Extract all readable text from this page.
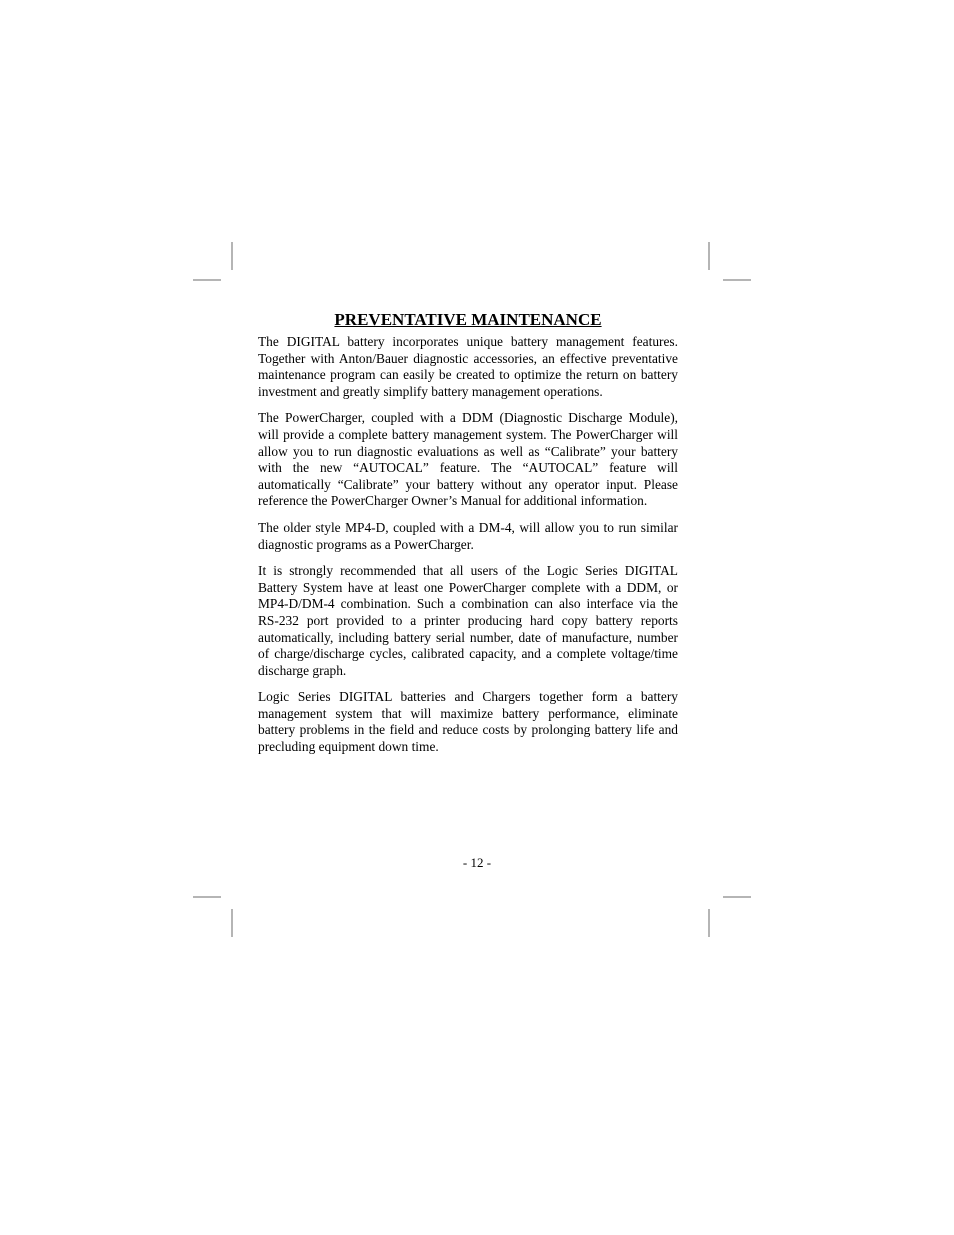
PREVENTATIVE MAINTENANCE

The DIGITAL battery incorporates unique battery management features. Together with Anton/Bauer diagnostic accessories, an effective preventative maintenance program can easily be created to optimize the return on battery investment and greatly simplify battery management operations.

The PowerCharger, coupled with a DDM (Diagnostic Discharge Module), will provide a complete battery management system. The PowerCharger will allow you to run diagnostic evaluations as well as “Calibrate” your battery with the new “AUTOCAL” feature. The “AUTOCAL” feature will automatically “Calibrate” your battery without any operator input. Please reference the PowerCharger Owner’s Manual for additional information.

The older style MP4-D, coupled with a DM-4, will allow you to run similar diagnostic programs as a PowerCharger.

It is strongly recommended that all users of the Logic Series DIGITAL Battery System have at least one PowerCharger complete with a DDM, or MP4-D/DM-4 combination. Such a combination can also interface via the RS-232 port provided to a printer producing hard copy battery reports automatically, including battery serial number, date of manufacture, number of charge/discharge cycles, calibrated capacity, and a complete voltage/time discharge graph.

Logic Series DIGITAL batteries and Chargers together form a battery management system that will maximize battery performance, eliminate battery problems in the field and reduce costs by prolonging battery life and precluding equipment down time.

- 12 -
